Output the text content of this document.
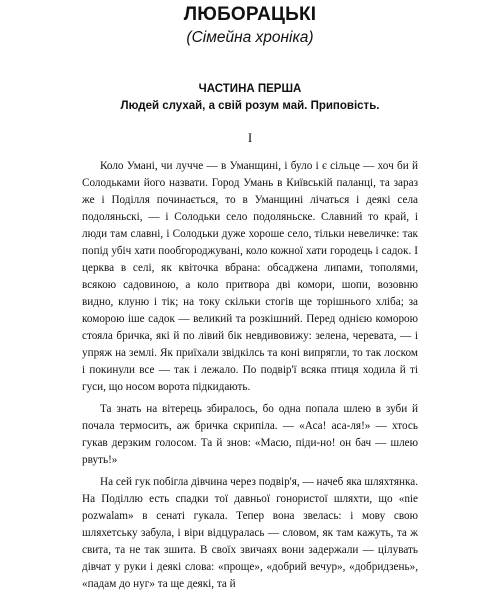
ЛЮБОРАЦЬКІ
(Сімейна хроніка)
ЧАСТИНА ПЕРША
Людей слухай, а свій розум май. Приповість.
I

Коло Умані, чи лучче — в Уманщині, і було і є сільце — хоч би й Солодьками його назвати. Город Умань в Київській паланці, та зараз же і Поділля починається, то в Уманщині лічаться і деякі села подоляньскі, — і Солодьки село подоляньске. Славний то край, і люди там славні, і Солодьки дуже хороше село, тільки невеличке: так попід убіч хати пообгороджувані, коло кожної хати городець і садок. І церква в селі, як квіточка вбрана: обсаджена липами, тополями, всякою садовиною, а коло притвора дві комори, шопи, возовню видно, клуню і тік; на току скільки стогів ще торішнього хліба; за коморою іше садок — великий та розкішний. Перед однією коморою стояла бричка, які й по лівий бік невдивовижу: зелена, черевата, — і упряж на землі. Як приїхали звідкілсь та коні випрягли, то так лоском і покинули все — так і лежало. По подвір'ї всяка птиця ходила й ті гуси, що носом ворота підкидають.

Та знать на вітерець збиралось, бо одна попала шлею в зуби й почала термосить, аж бричка скрипіла. — «Аса! аса-ля!» — хтось гукав дерзким голосом. Та й знов: «Масю, піди-но! он бач — шлею рвуть!»

На сей гук побігла дівчина через подвір'я, — начеб яка шляхтянка. На Поділлю есть спадки тої давньої гонористої шляхти, що «nie pozwalam» в сенаті гукала. Тепер вона звелась: і мову свою шляхетську забула, і віри відцуралась — словом, як там кажуть, та ж свита, та не так зшита. В своїх звичаях вони задержали — цілувать дівчат у руки і деякі слова: «проще», «добрий вечур», «добридзень», «падам до нуг» та ще деякі, та й
